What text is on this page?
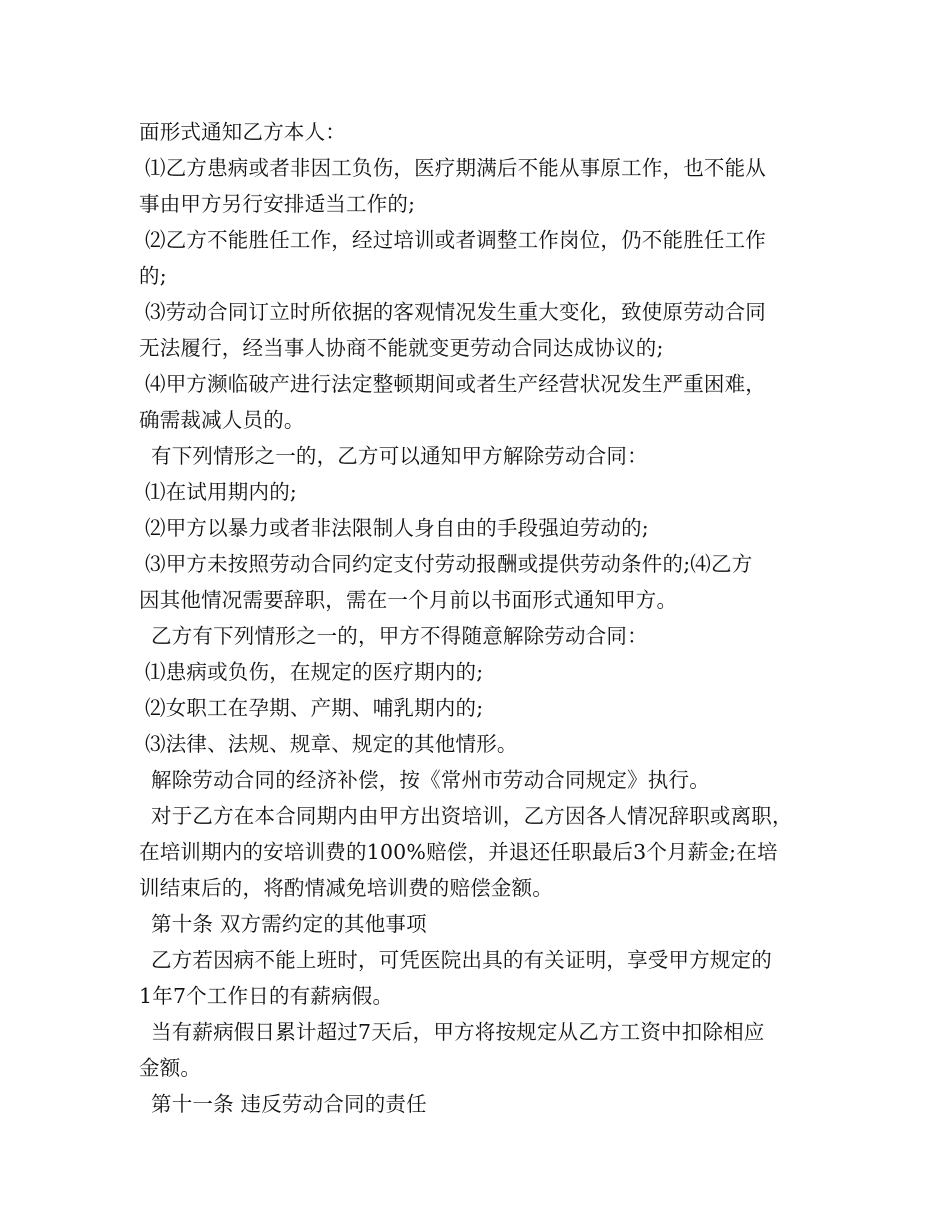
面形式通知乙方本人：
⑴乙方患病或者非因工负伤，医疗期满后不能从事原工作，也不能从
事由甲方另行安排适当工作的;
⑵乙方不能胜任工作，经过培训或者调整工作岗位，仍不能胜任工作
的;
⑶劳动合同订立时所依据的客观情况发生重大变化，致使原劳动合同
无法履行，经当事人协商不能就变更劳动合同达成协议的;
⑷甲方濒临破产进行法定整顿期间或者生产经营状况发生严重困难，
确需裁减人员的。
有下列情形之一的，乙方可以通知甲方解除劳动合同：
⑴在试用期内的;
⑵甲方以暴力或者非法限制人身自由的手段强迫劳动的;
⑶甲方未按照劳动合同约定支付劳动报酬或提供劳动条件的;⑷乙方
因其他情况需要辞职，需在一个月前以书面形式通知甲方。
乙方有下列情形之一的，甲方不得随意解除劳动合同：
⑴患病或负伤，在规定的医疗期内的;
⑵女职工在孕期、产期、哺乳期内的;
⑶法律、法规、规章、规定的其他情形。
解除劳动合同的经济补偿，按《常州市劳动合同规定》执行。
对于乙方在本合同期内由甲方出资培训，乙方因各人情况辞职或离职，
在培训期内的安培训费的100%赔偿，并退还任职最后3个月薪金;在培
训结束后的，将酌情减免培训费的赔偿金额。
第十条 双方需约定的其他事项
乙方若因病不能上班时，可凭医院出具的有关证明，享受甲方规定的
1年7个工作日的有薪病假。
当有薪病假日累计超过7天后，甲方将按规定从乙方工资中扣除相应
金额。
第十一条 违反劳动合同的责任
